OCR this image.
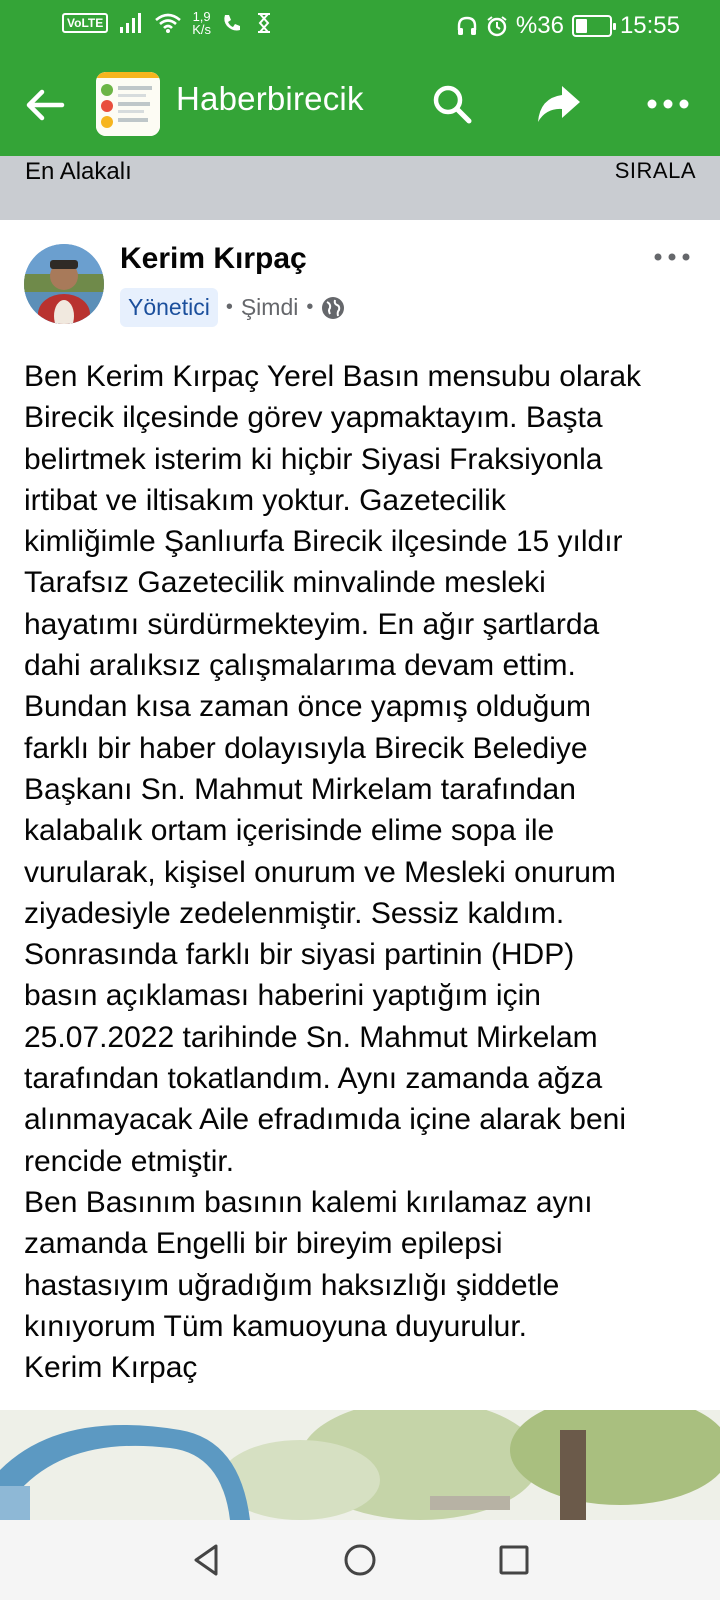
VoLTE	1,9
K/s	%36 15:55
Haberbirecik
En Alakalı	SIRALA
Kerim Kırpaç
Yönetici • Şimdi •
Ben Kerim Kırpaç Yerel Basın mensubu olarak
Birecik ilçesinde görev yapmaktayım. Başta
belirtmek isterim ki hiçbir Siyasi Fraksiyonla
irtibat ve iltisakım yoktur. Gazetecilik
kimliğimle Şanlıurfa Birecik ilçesinde 15 yıldır
Tarafsız Gazetecilik minvalinde mesleki
hayatımı sürdürmekteyim. En ağır şartlarda
dahi aralıksız çalışmalarıma devam ettim.
Bundan kısa zaman önce yapmış olduğum
farklı bir haber dolayısıyla Birecik Belediye
Başkanı Sn. Mahmut Mirkelam tarafından
kalabalık ortam içerisinde elime sopa ile
vurularak, kişisel onurum ve Mesleki onurum
ziyadesiyle zedelenmiştir. Sessiz kaldım.
Sonrasında farklı bir siyasi partinin (HDP)
basın açıklaması haberini yaptığım için
25.07.2022 tarihinde Sn. Mahmut Mirkelam
tarafından tokatlandım. Aynı zamanda ağza
alınmayacak Aile efradımıda içine alarak beni
rencide etmiştir.
Ben Basınım basının kalemi kırılamaz aynı
zamanda Engelli bir bireyim epilepsi
hastasıyım uğradığım haksızlığı şiddetle
kınıyorum Tüm kamuoyuna duyurulur.
Kerim Kırpaç
